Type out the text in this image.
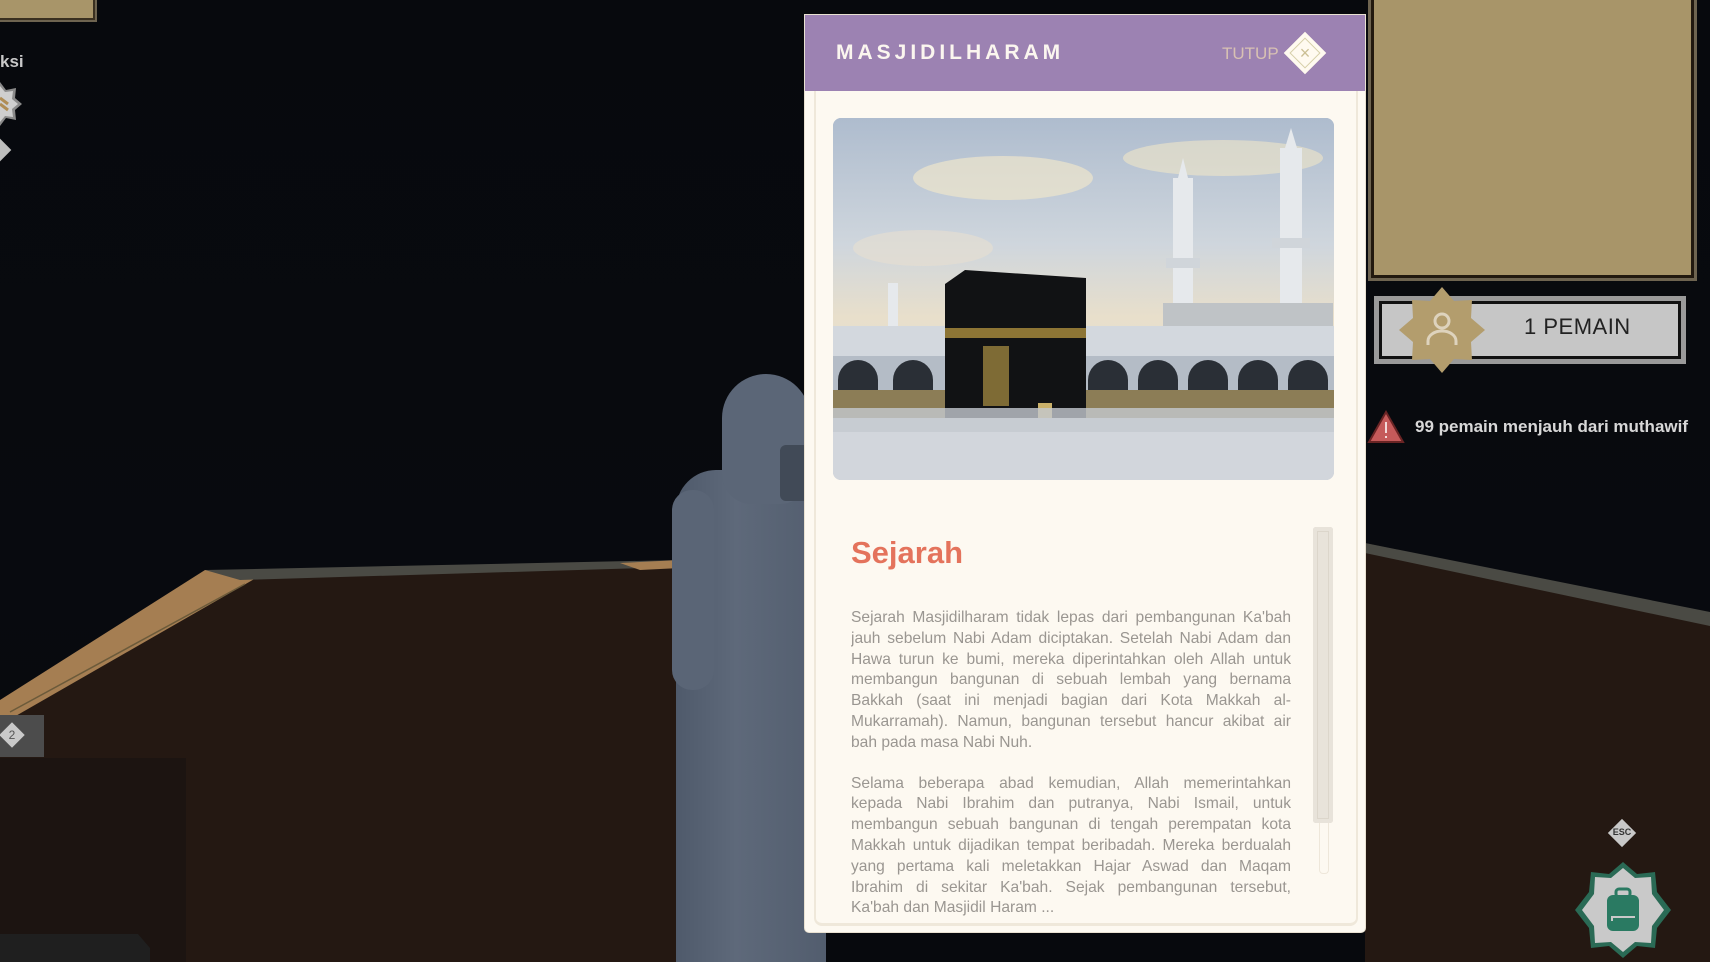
ksi
2
MASJIDILHARAM	TUTUP	×
Sejarah

Sejarah Masjidilharam tidak lepas dari pembangunan Ka'bah jauh sebelum Nabi Adam diciptakan. Setelah Nabi Adam dan Hawa turun ke bumi, mereka diperintahkan oleh Allah untuk membangun bangunan di sebuah lembah yang bernama Bakkah (saat ini menjadi bagian dari Kota Makkah al-Mukarramah). Namun, bangunan tersebut hancur akibat air bah pada masa Nabi Nuh.

Selama beberapa abad kemudian, Allah memerintahkan kepada Nabi Ibrahim dan putranya, Nabi Ismail, untuk membangun sebuah bangunan di tengah perempatan kota Makkah untuk dijadikan tempat beribadah. Mereka berdualah yang pertama kali meletakkan Hajar Aswad dan Maqam Ibrahim di sekitar Ka'bah. Sejak pembangunan tersebut, Ka'bah dan Masjidil Haram ...

1 PEMAIN
99 pemain menjauh dari muthawif
ESC
